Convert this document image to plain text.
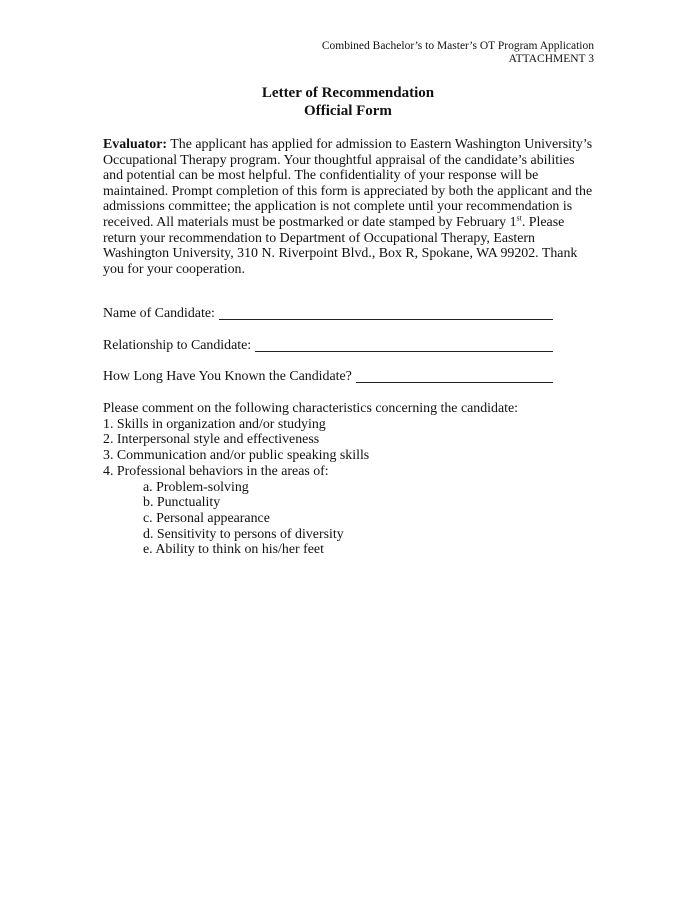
Combined Bachelor’s to Master’s OT Program Application
ATTACHMENT 3
Letter of Recommendation
Official Form
Evaluator: The applicant has applied for admission to Eastern Washington University’s Occupational Therapy program. Your thoughtful appraisal of the candidate’s abilities and potential can be most helpful. The confidentiality of your response will be maintained. Prompt completion of this form is appreciated by both the applicant and the admissions committee; the application is not complete until your recommendation is received. All materials must be postmarked or date stamped by February 1st. Please return your recommendation to Department of Occupational Therapy, Eastern Washington University, 310 N. Riverpoint Blvd., Box R, Spokane, WA 99202. Thank you for your cooperation.
Name of Candidate:
Relationship to Candidate:
How Long Have You Known the Candidate?
Please comment on the following characteristics concerning the candidate:
1. Skills in organization and/or studying
2. Interpersonal style and effectiveness
3. Communication and/or public speaking skills
4. Professional behaviors in the areas of:
a. Problem-solving
b. Punctuality
c. Personal appearance
d. Sensitivity to persons of diversity
e. Ability to think on his/her feet
